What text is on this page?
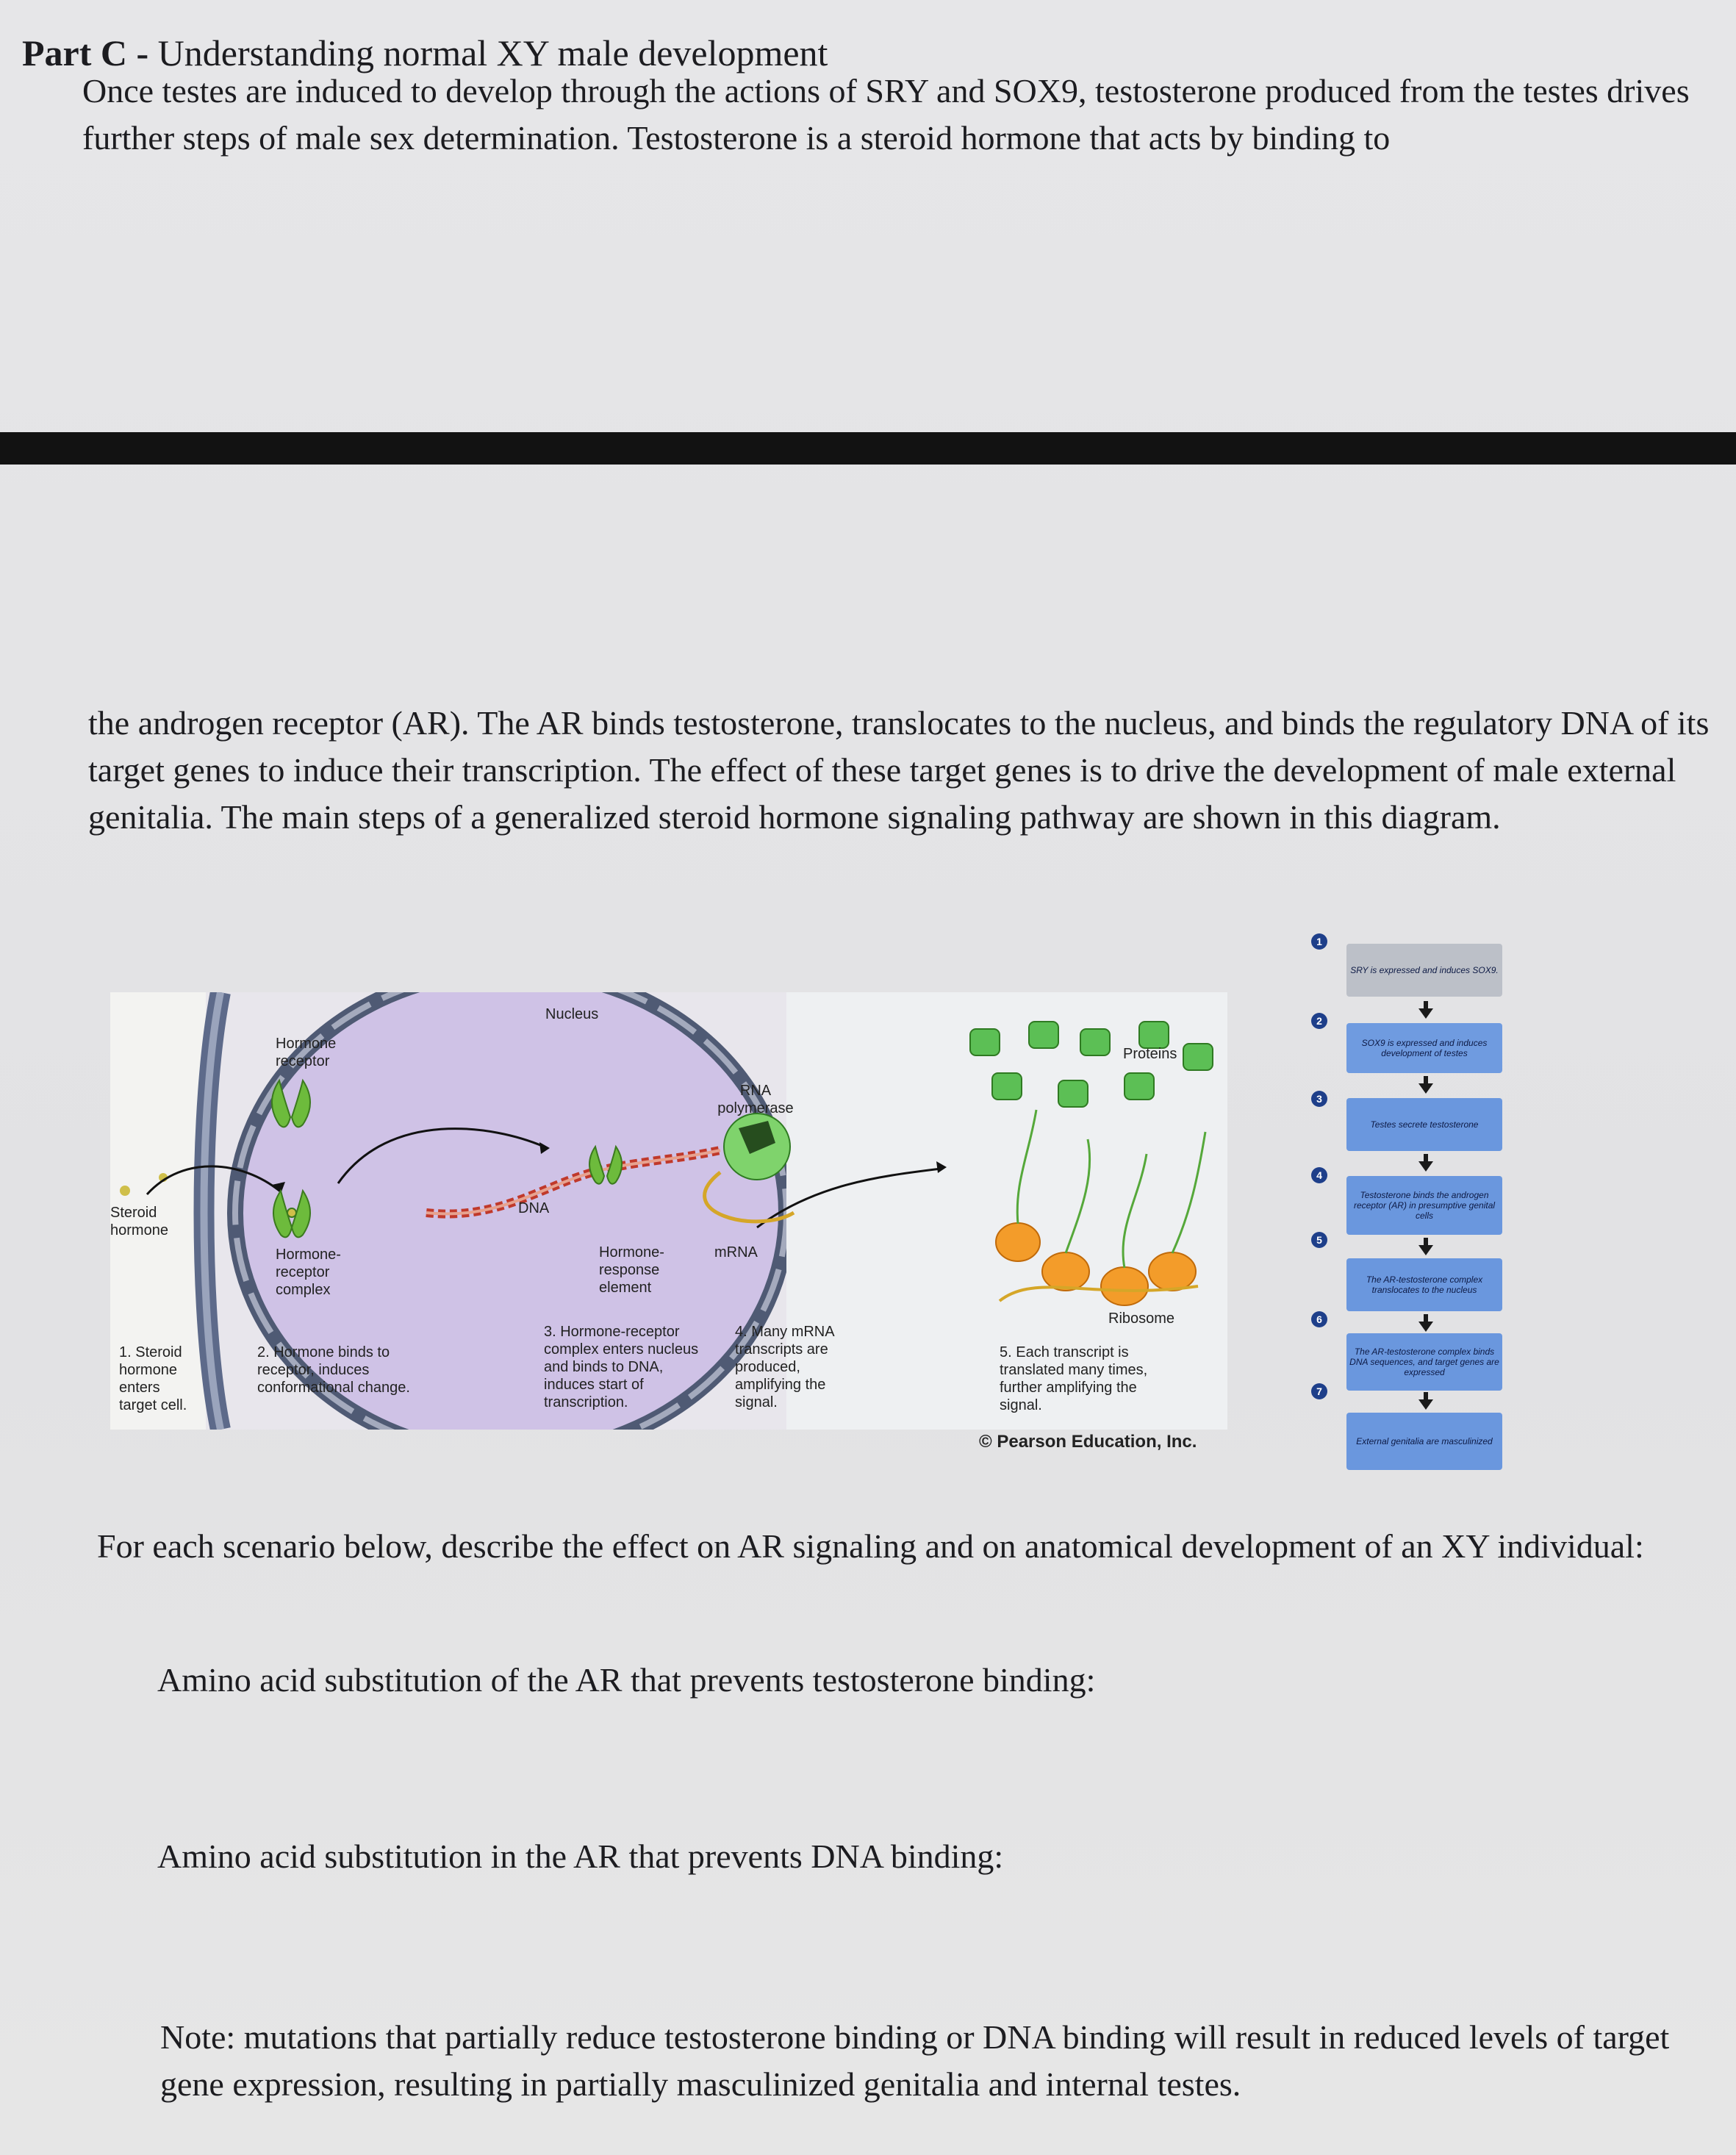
Part C - Understanding normal XY male development
Once testes are induced to develop through the actions of SRY and SOX9, testosterone produced from the testes drives further steps of male sex determination. Testosterone is a steroid hormone that acts by binding to
the androgen receptor (AR). The AR binds testosterone, translocates to the nucleus, and binds the regulatory DNA of its target genes to induce their transcription. The effect of these target genes is to drive the development of male external genitalia. The main steps of a generalized steroid hormone signaling pathway are shown in this diagram.
Steroid hormone
Hormone receptor
Hormone-receptor complex
Nucleus
DNA
RNA polymerase
Hormone-response element
mRNA
Proteins
Ribosome
1. Steroid hormone enters target cell.
2. Hormone binds to receptor, induces conformational change.
3. Hormone-receptor complex enters nucleus and binds to DNA, induces start of transcription.
4. Many mRNA transcripts are produced, amplifying the signal.
5. Each transcript is translated many times, further amplifying the signal.
© Pearson Education, Inc.
1
SRY is expressed and induces SOX9.
2
SOX9 is expressed and induces development of testes
3
Testes secrete testosterone
4
Testosterone binds the androgen receptor (AR) in presumptive genital cells
5
The AR-testosterone complex translocates to the nucleus
6
The AR-testosterone complex binds DNA sequences, and target genes are expressed
7
External genitalia are masculinized
For each scenario below, describe the effect on AR signaling and on anatomical development of an XY individual:
Amino acid substitution of the AR that prevents testosterone binding:
Amino acid substitution in the AR that prevents DNA binding:
Note: mutations that partially reduce testosterone binding or DNA binding will result in reduced levels of target gene expression, resulting in partially masculinized genitalia and internal testes.
